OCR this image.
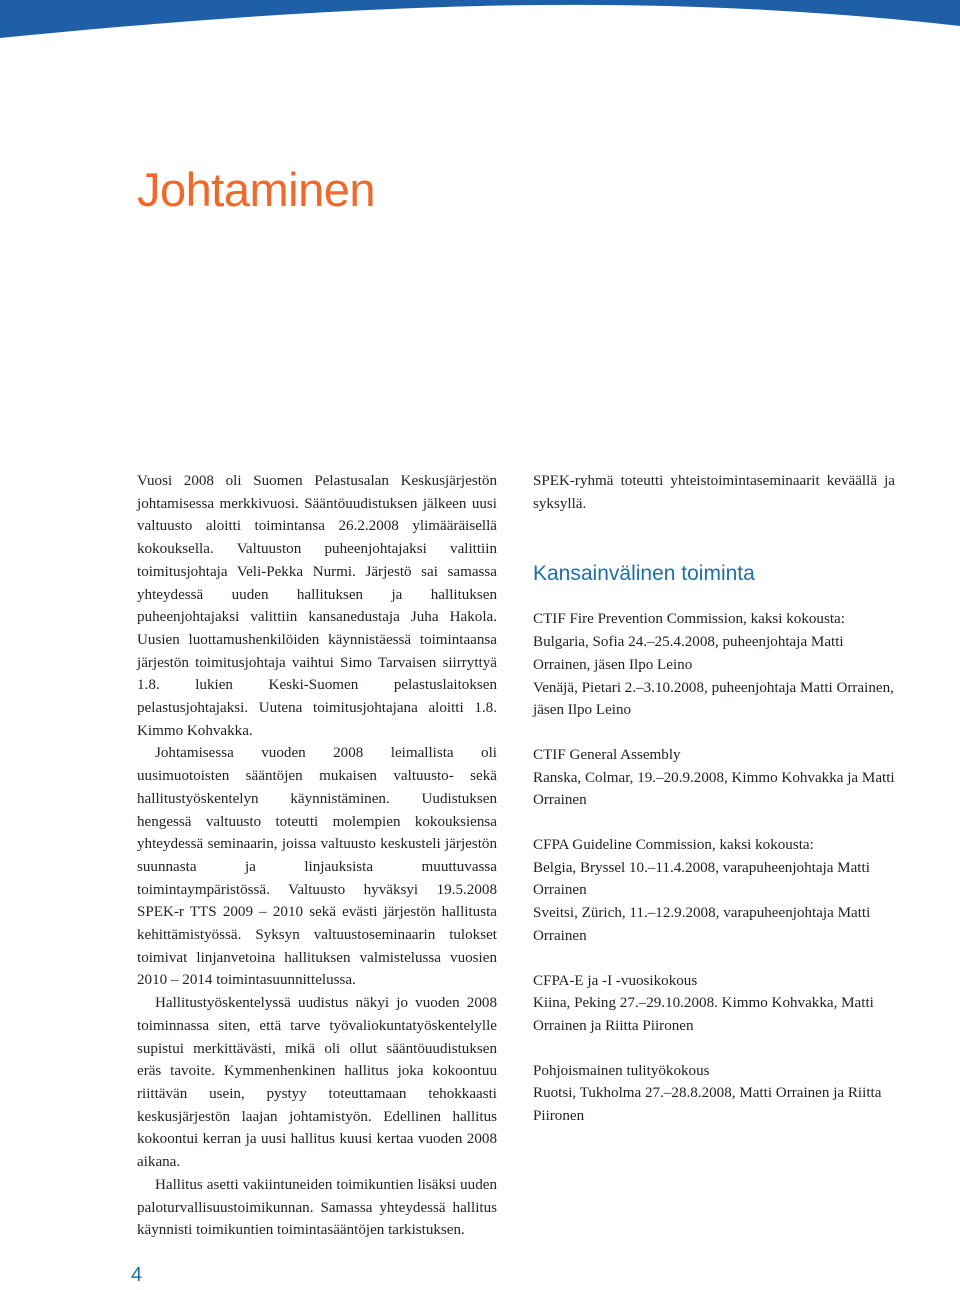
Johtaminen

Vuosi 2008 oli Suomen Pelastusalan Keskusjärjestön johtamisessa merkkivuosi. Sääntöuudistuksen jälkeen uusi valtuusto aloitti toimintansa 26.2.2008 ylimääräisellä kokouksella. Valtuuston puheenjohtajaksi valittiin toimitusjohtaja Veli-Pekka Nurmi. Järjestö sai samassa yhteydessä uuden hallituksen ja hallituksen puheenjohtajaksi valittiin kansanedustaja Juha Hakola. Uusien luottamushenkilöiden käynnistäessä toimintaansa järjestön toimitusjohtaja vaihtui Simo Tarvaisen siirryttyä 1.8. lukien Keski-Suomen pelastuslaitoksen pelastusjohtajaksi. Uutena toimitusjohtajana aloitti 1.8. Kimmo Kohvakka.

Johtamisessa vuoden 2008 leimallista oli uusimuotoisten sääntöjen mukaisen valtuusto- sekä hallitustyöskentelyn käynnistäminen. Uudistuksen hengessä valtuusto toteutti molempien kokouksiensa yhteydessä seminaarin, joissa valtuusto keskusteli järjestön suunnasta ja linjauksista muuttuvassa toimintaympäristössä. Valtuusto hyväksyi 19.5.2008 SPEK-r TTS 2009 – 2010 sekä evästi järjestön hallitusta kehittämistyössä. Syksyn valtuustoseminaarin tulokset toimivat linjanvetoina hallituksen valmistelussa vuosien 2010 – 2014 toimintasuunnittelussa.

Hallitustyöskentelyssä uudistus näkyi jo vuoden 2008 toiminnassa siten, että tarve työvaliokuntatyöskentelylle supistui merkittävästi, mikä oli ollut sääntöuudistuksen eräs tavoite. Kymmenhenkinen hallitus joka kokoontuu riittävän usein, pystyy toteuttamaan tehokkaasti keskusjärjestön laajan johtamistyön. Edellinen hallitus kokoontui kerran ja uusi hallitus kuusi kertaa vuoden 2008 aikana.

Hallitus asetti vakiintuneiden toimikuntien lisäksi uuden paloturvallisuustoimikunnan. Samassa yhteydessä hallitus käynnisti toimikuntien toimintasääntöjen tarkistuksen.

SPEK-ryhmä toteutti yhteistoimintaseminaarit keväällä ja syksyllä.

Kansainvälinen toiminta
CTIF Fire Prevention Commission, kaksi kokousta:
Bulgaria, Sofia 24.–25.4.2008, puheenjohtaja Matti Orrainen, jäsen Ilpo Leino
Venäjä, Pietari 2.–3.10.2008, puheenjohtaja Matti Orrainen, jäsen Ilpo Leino
CTIF General Assembly
Ranska, Colmar, 19.–20.9.2008, Kimmo Kohvakka ja Matti Orrainen
CFPA Guideline Commission, kaksi kokousta:
Belgia, Bryssel 10.–11.4.2008, varapuheenjohtaja Matti Orrainen
Sveitsi, Zürich, 11.–12.9.2008, varapuheenjohtaja Matti Orrainen
CFPA-E ja -I -vuosikokous
Kiina, Peking 27.–29.10.2008. Kimmo Kohvakka, Matti Orrainen ja Riitta Piironen
Pohjoismainen tulityökokous
Ruotsi, Tukholma 27.–28.8.2008, Matti Orrainen ja Riitta Piironen
4
